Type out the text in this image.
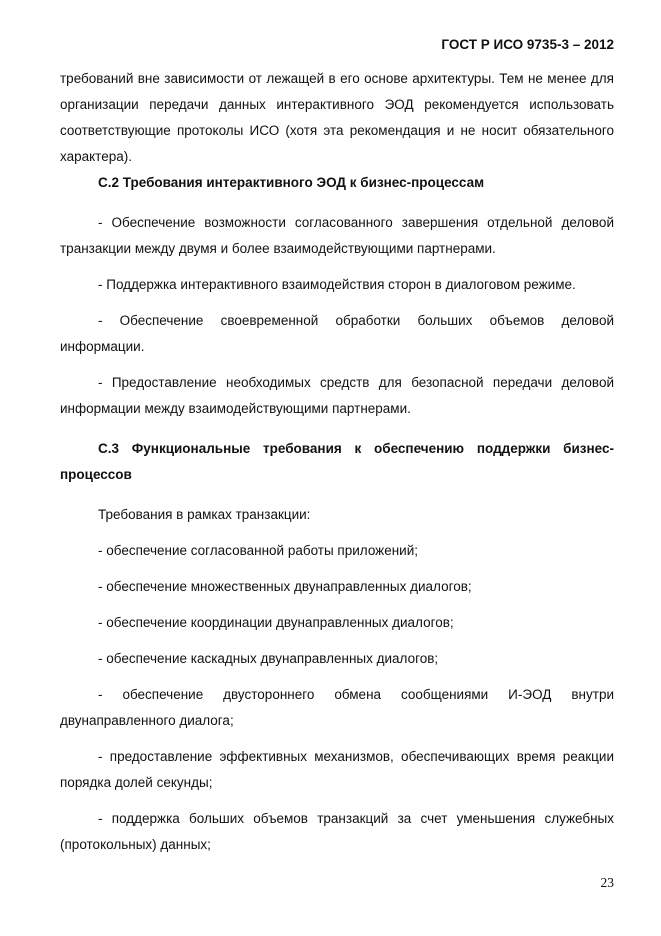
ГОСТ Р ИСО 9735-3 – 2012

требований вне зависимости от лежащей в его основе архитектуры. Тем не менее для организации передачи данных интерактивного ЭОД рекомендуется использовать соответствующие протоколы ИСО (хотя эта рекомендация и не носит обязательного характера).

С.2 Требования интерактивного ЭОД к бизнес-процессам

- Обеспечение возможности согласованного завершения отдельной деловой транзакции между двумя и более взаимодействующими партнерами.

- Поддержка интерактивного взаимодействия сторон в диалоговом режиме.

- Обеспечение своевременной обработки больших объемов деловой информации.

- Предоставление необходимых средств для безопасной передачи деловой информации между взаимодействующими партнерами.

С.3 Функциональные требования к обеспечению поддержки бизнес-

процессов

Требования в рамках транзакции:

- обеспечение согласованной работы приложений;

- обеспечение множественных двунаправленных диалогов;

- обеспечение координации двунаправленных диалогов;

- обеспечение каскадных двунаправленных диалогов;

- обеспечение двустороннего обмена сообщениями И-ЭОД внутри двунаправленного диалога;

- предоставление эффективных механизмов, обеспечивающих время реакции порядка долей секунды;

- поддержка больших объемов транзакций за счет уменьшения служебных (протокольных) данных;

23
